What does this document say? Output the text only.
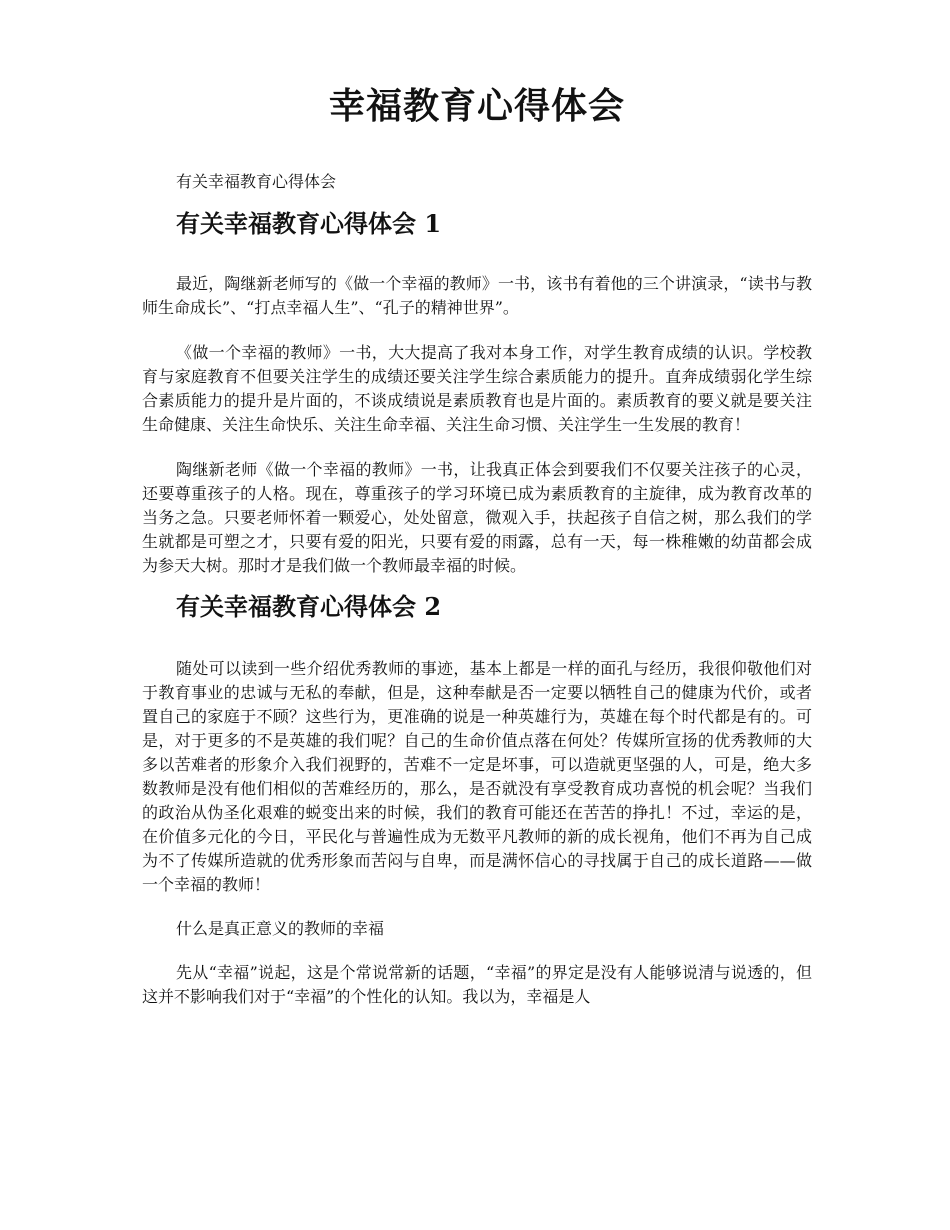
幸福教育心得体会

有关幸福教育心得体会

有关幸福教育心得体会 1

最近，陶继新老师写的《做一个幸福的教师》一书，该书有着他的三个讲演录，“读书与教师生命成长”、“打点幸福人生”、“孔子的精神世界”。

《做一个幸福的教师》一书，大大提高了我对本身工作，对学生教育成绩的认识。学校教育与家庭教育不但要关注学生的成绩还要关注学生综合素质能力的提升。直奔成绩弱化学生综合素质能力的提升是片面的，不谈成绩说是素质教育也是片面的。素质教育的要义就是要关注生命健康、关注生命快乐、关注生命幸福、关注生命习惯、关注学生一生发展的教育！

陶继新老师《做一个幸福的教师》一书，让我真正体会到要我们不仅要关注孩子的心灵，还要尊重孩子的人格。现在，尊重孩子的学习环境已成为素质教育的主旋律，成为教育改革的当务之急。只要老师怀着一颗爱心，处处留意，微观入手，扶起孩子自信之树，那么我们的学生就都是可塑之才，只要有爱的阳光，只要有爱的雨露，总有一天，每一株稚嫩的幼苗都会成为参天大树。那时才是我们做一个教师最幸福的时候。

有关幸福教育心得体会 2

随处可以读到一些介绍优秀教师的事迹，基本上都是一样的面孔与经历，我很仰敬他们对于教育事业的忠诚与无私的奉献，但是，这种奉献是否一定要以牺牲自己的健康为代价，或者置自己的家庭于不顾？这些行为，更准确的说是一种英雄行为，英雄在每个时代都是有的。可是，对于更多的不是英雄的我们呢？自己的生命价值点落在何处？传媒所宣扬的优秀教师的大多以苦难者的形象介入我们视野的，苦难不一定是坏事，可以造就更坚强的人，可是，绝大多数教师是没有他们相似的苦难经历的，那么，是否就没有享受教育成功喜悦的机会呢？当我们的政治从伪圣化艰难的蜕变出来的时候，我们的教育可能还在苦苦的挣扎！不过，幸运的是，在价值多元化的今日，平民化与普遍性成为无数平凡教师的新的成长视角，他们不再为自己成为不了传媒所造就的优秀形象而苦闷与自卑，而是满怀信心的寻找属于自己的成长道路——做一个幸福的教师！

什么是真正意义的教师的幸福

先从“幸福”说起，这是个常说常新的话题，“幸福”的界定是没有人能够说清与说透的，但这并不影响我们对于“幸福”的个性化的认知。我以为，幸福是人
